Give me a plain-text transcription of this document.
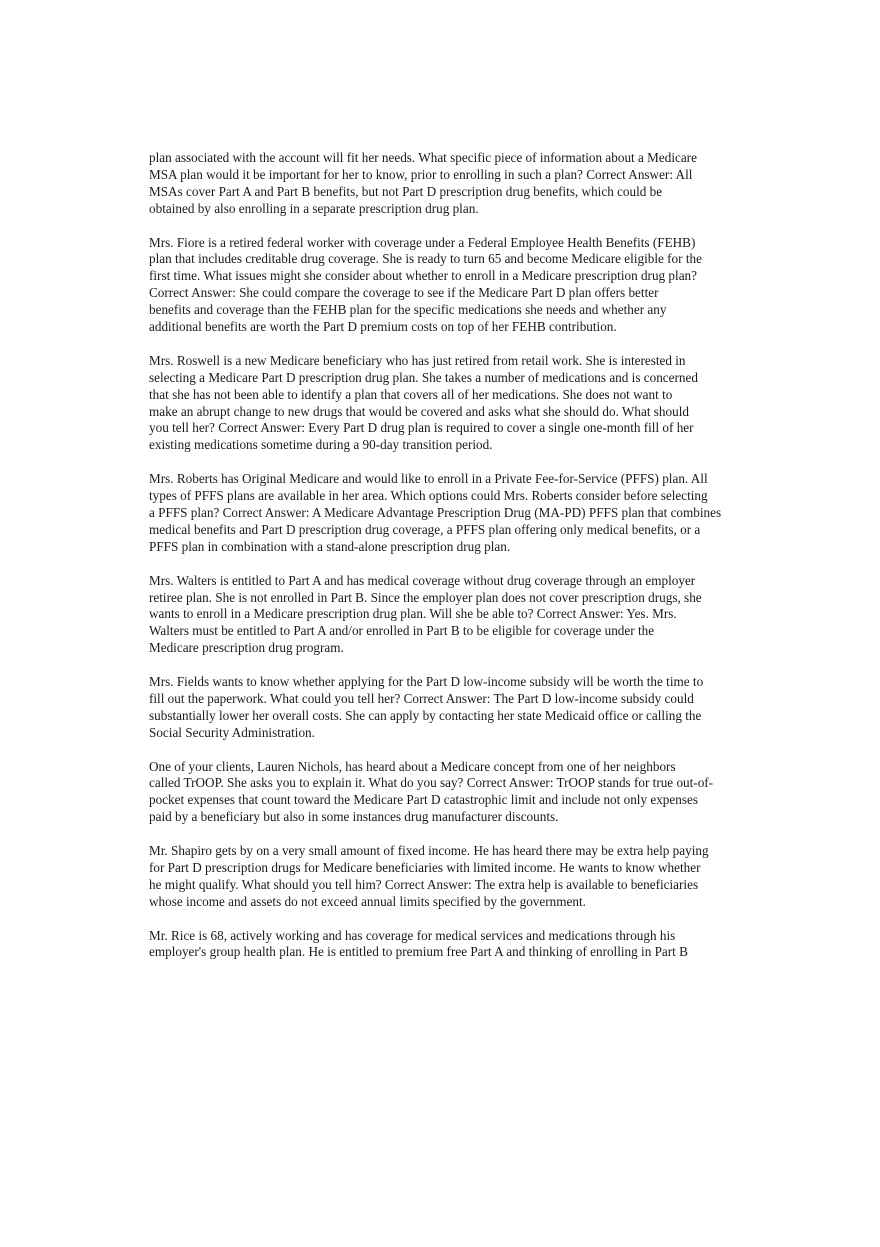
plan associated with the account will fit her needs. What specific piece of information about a Medicare
MSA plan would it be important for her to know, prior to enrolling in such a plan? Correct Answer: All
MSAs cover Part A and Part B benefits, but not Part D prescription drug benefits, which could be
obtained by also enrolling in a separate prescription drug plan.

Mrs. Fiore is a retired federal worker with coverage under a Federal Employee Health Benefits (FEHB)
plan that includes creditable drug coverage. She is ready to turn 65 and become Medicare eligible for the
first time. What issues might she consider about whether to enroll in a Medicare prescription drug plan?
Correct Answer: She could compare the coverage to see if the Medicare Part D plan offers better
benefits and coverage than the FEHB plan for the specific medications she needs and whether any
additional benefits are worth the Part D premium costs on top of her FEHB contribution.

Mrs. Roswell is a new Medicare beneficiary who has just retired from retail work. She is interested in
selecting a Medicare Part D prescription drug plan. She takes a number of medications and is concerned
that she has not been able to identify a plan that covers all of her medications. She does not want to
make an abrupt change to new drugs that would be covered and asks what she should do. What should
you tell her? Correct Answer: Every Part D drug plan is required to cover a single one-month fill of her
existing medications sometime during a 90-day transition period.

Mrs. Roberts has Original Medicare and would like to enroll in a Private Fee-for-Service (PFFS) plan. All
types of PFFS plans are available in her area. Which options could Mrs. Roberts consider before selecting
a PFFS plan? Correct Answer: A Medicare Advantage Prescription Drug (MA-PD) PFFS plan that combines
medical benefits and Part D prescription drug coverage, a PFFS plan offering only medical benefits, or a
PFFS plan in combination with a stand-alone prescription drug plan.

Mrs. Walters is entitled to Part A and has medical coverage without drug coverage through an employer
retiree plan. She is not enrolled in Part B. Since the employer plan does not cover prescription drugs, she
wants to enroll in a Medicare prescription drug plan. Will she be able to? Correct Answer: Yes. Mrs.
Walters must be entitled to Part A and/or enrolled in Part B to be eligible for coverage under the
Medicare prescription drug program.

Mrs. Fields wants to know whether applying for the Part D low-income subsidy will be worth the time to
fill out the paperwork. What could you tell her? Correct Answer: The Part D low-income subsidy could
substantially lower her overall costs. She can apply by contacting her state Medicaid office or calling the
Social Security Administration.

One of your clients, Lauren Nichols, has heard about a Medicare concept from one of her neighbors
called TrOOP. She asks you to explain it. What do you say? Correct Answer: TrOOP stands for true out-of-
pocket expenses that count toward the Medicare Part D catastrophic limit and include not only expenses
paid by a beneficiary but also in some instances drug manufacturer discounts.

Mr. Shapiro gets by on a very small amount of fixed income. He has heard there may be extra help paying
for Part D prescription drugs for Medicare beneficiaries with limited income. He wants to know whether
he might qualify. What should you tell him? Correct Answer: The extra help is available to beneficiaries
whose income and assets do not exceed annual limits specified by the government.

Mr. Rice is 68, actively working and has coverage for medical services and medications through his
employer's group health plan. He is entitled to premium free Part A and thinking of enrolling in Part B
